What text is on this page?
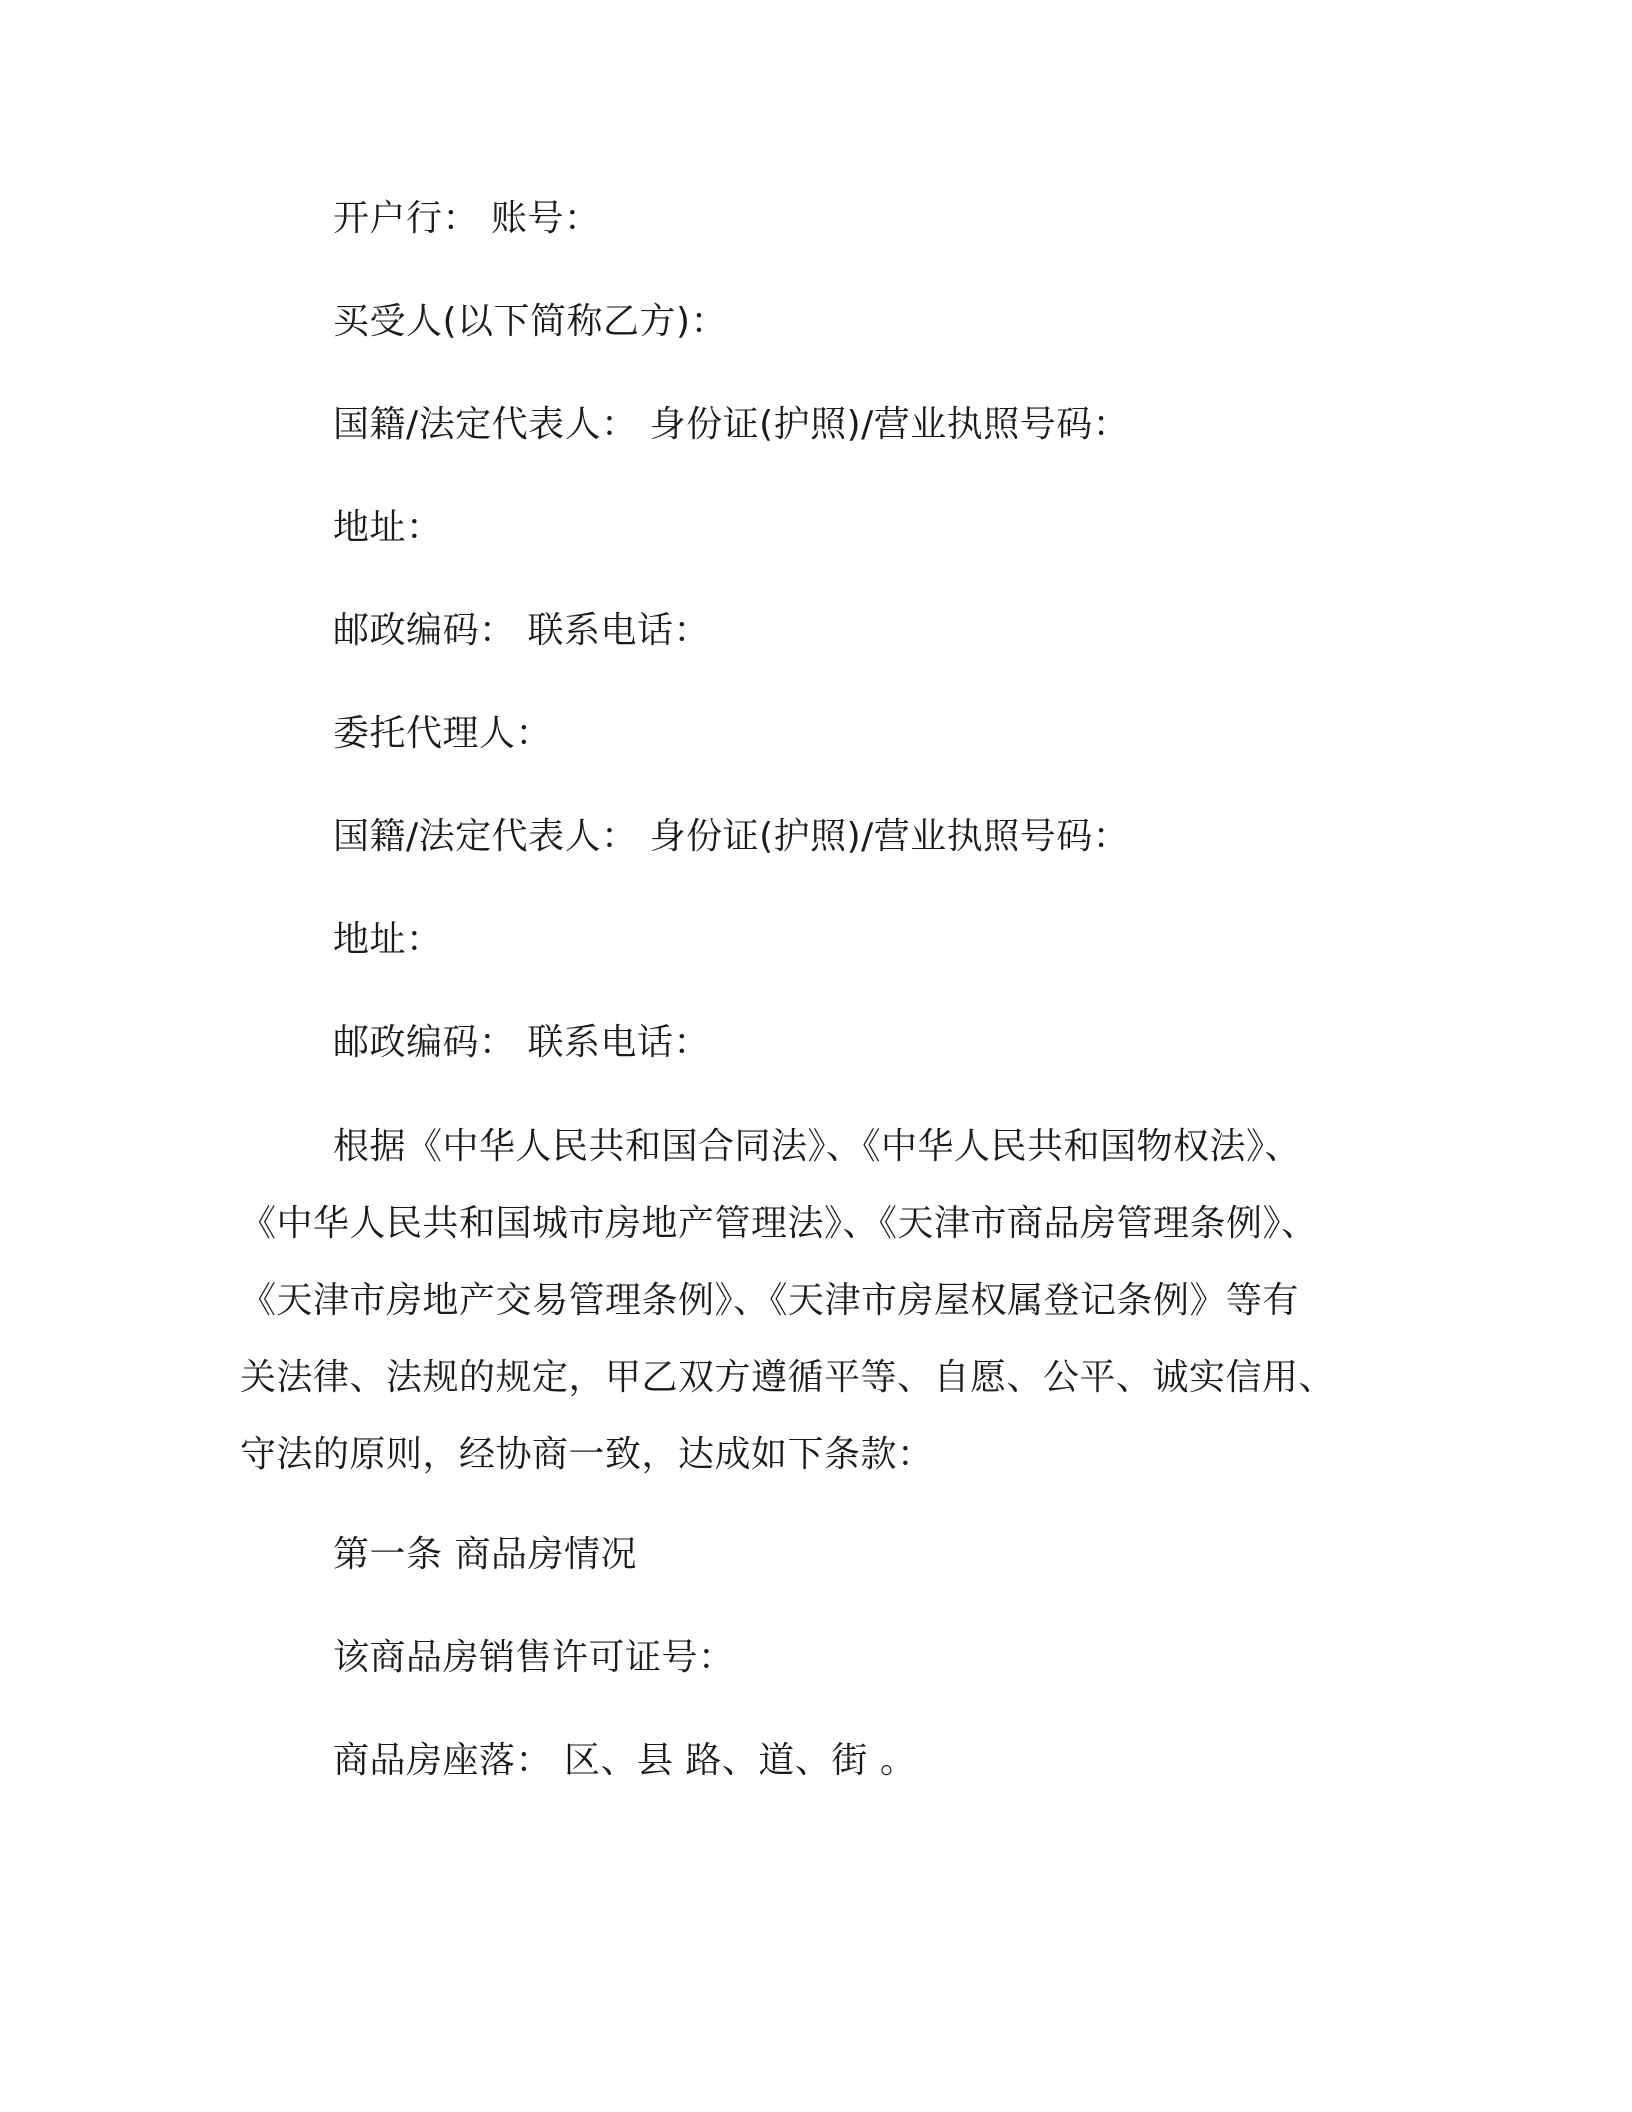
开户行： 账号：
买受人(以下简称乙方)：
国籍/法定代表人： 身份证(护照)/营业执照号码：
地址：
邮政编码： 联系电话：
委托代理人：
国籍/法定代表人： 身份证(护照)/营业执照号码：
地址：
邮政编码： 联系电话：
根据《中华人民共和国合同法》、《中华人民共和国物权法》、
《中华人民共和国城市房地产管理法》、《天津市商品房管理条例》、
《天津市房地产交易管理条例》、《天津市房屋权属登记条例》等有
关法律、法规的规定，甲乙双方遵循平等、自愿、公平、诚实信用、
守法的原则，经协商一致，达成如下条款：
第一条 商品房情况
该商品房销售许可证号：
商品房座落： 区、县 路、道、街 。
